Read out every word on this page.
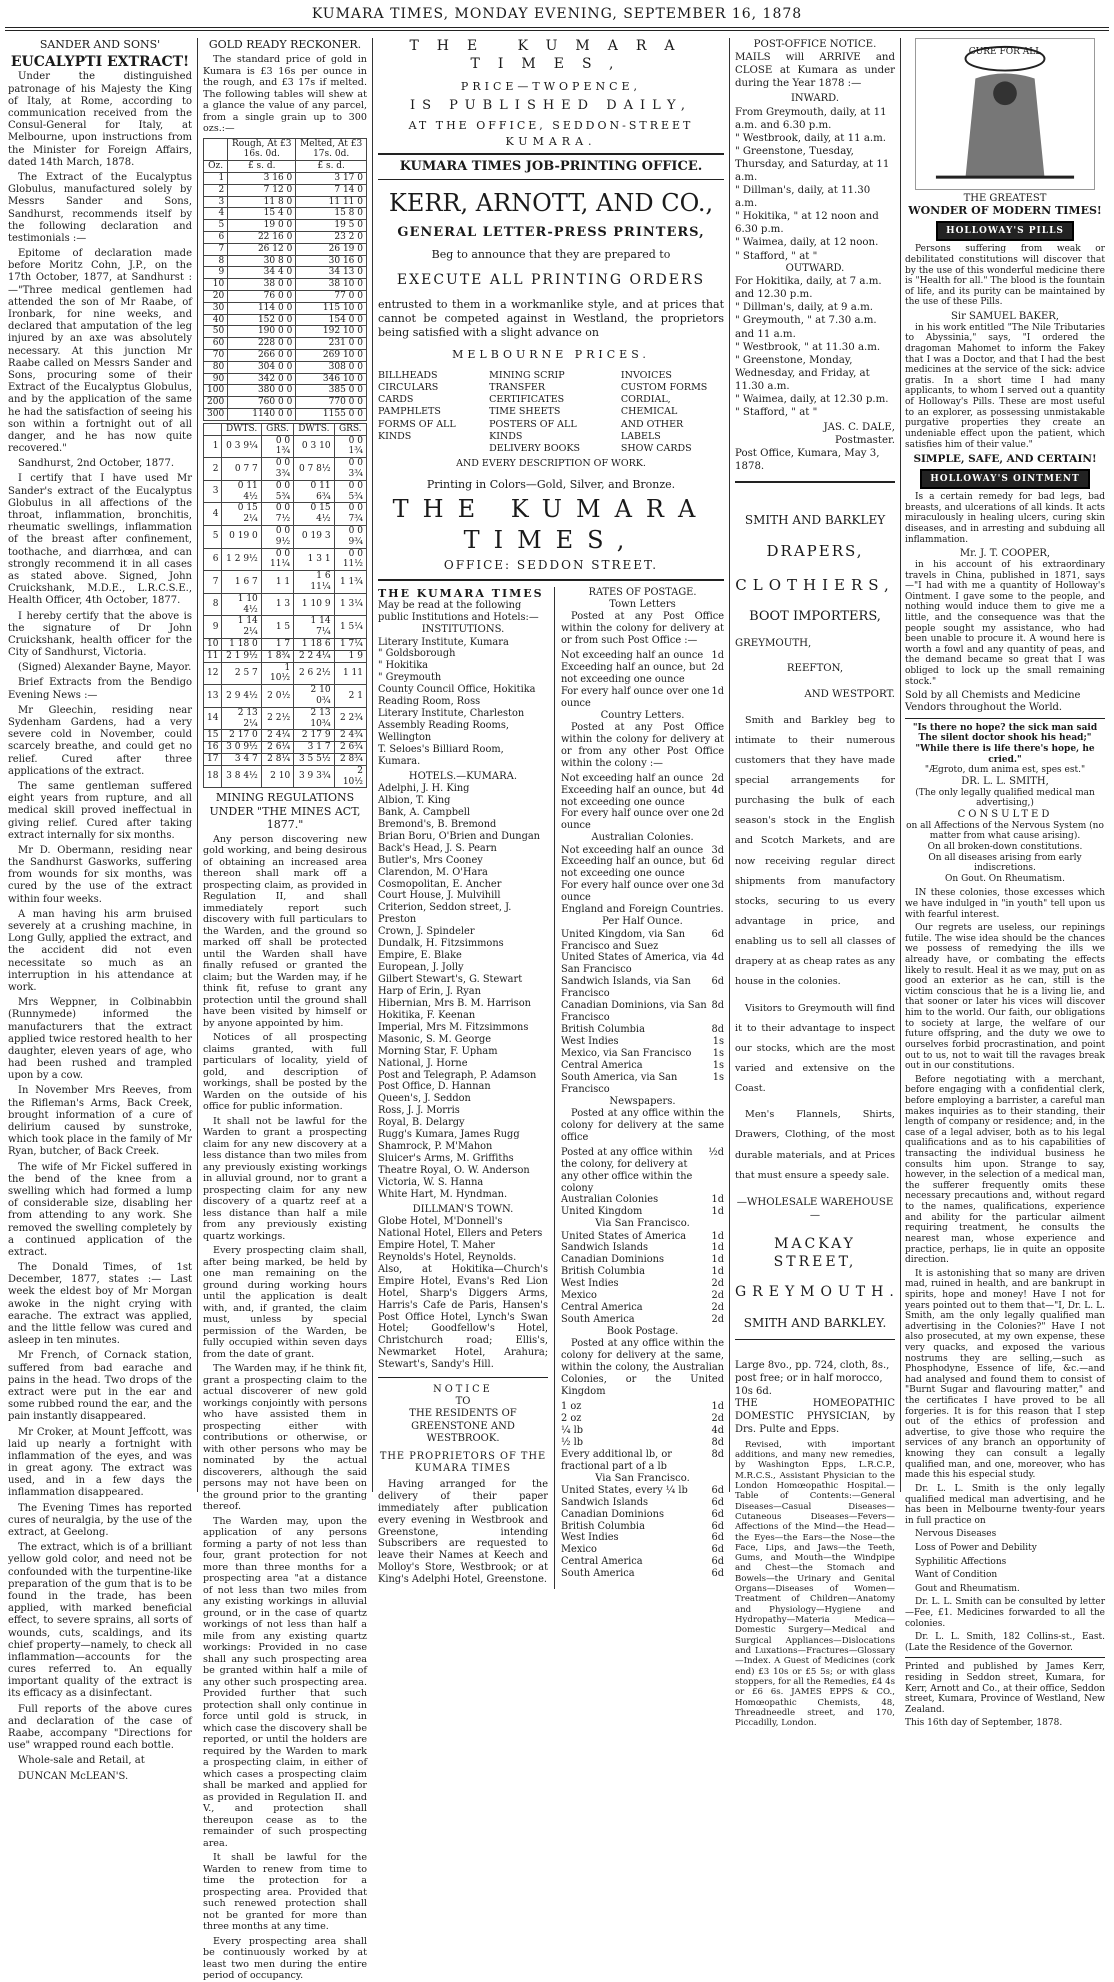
KUMARA TIMES, MONDAY EVENING, SEPTEMBER 16, 1878
SANDER AND SONS'
EUCALYPTI EXTRACT!

Under the distinguished patronage of his Majesty the King of Italy, at Rome, according to communication received from the Consul-General for Italy, at Melbourne, upon instructions from the Minister for Foreign Affairs, dated 14th March, 1878.

The Extract of the Eucalyptus Globulus, manufactured solely by Messrs Sander and Sons, Sandhurst, recommends itself by the following declaration and testimonials :—

Epitome of declaration made before Moritz Cohn, J.P., on the 17th October, 1877, at Sandhurst :—"Three medical gentlemen had attended the son of Mr Raabe, of Ironbark, for nine weeks, and declared that amputation of the leg injured by an axe was absolutely necessary. At this junction Mr Raabe called on Messrs Sander and Sons, procuring some of their Extract of the Eucalyptus Globulus, and by the application of the same he had the satisfaction of seeing his son within a fortnight out of all danger, and he has now quite recovered."

Sandhurst, 2nd October, 1877.

I certify that I have used Mr Sander's extract of the Eucalyptus Globulus in all affections of the throat, inflammation, bronchitis, rheumatic swellings, inflammation of the breast after confinement, toothache, and diarrhœa, and can strongly recommend it in all cases as stated above. Signed, John Cruickshank, M.D.E., L.R.C.S.E., Health Officer, 4th October, 1877.

I hereby certify that the above is the signature of Dr John Cruickshank, health officer for the City of Sandhurst, Victoria.

(Signed) Alexander Bayne, Mayor.

Brief Extracts from the Bendigo Evening News :—

Mr Gleechin, residing near Sydenham Gardens, had a very severe cold in November, could scarcely breathe, and could get no relief. Cured after three applications of the extract.

The same gentleman suffered eight years from rupture, and all medical skill proved ineffectual in giving relief. Cured after taking extract internally for six months.

Mr D. Obermann, residing near the Sandhurst Gasworks, suffering from wounds for six months, was cured by the use of the extract within four weeks.

A man having his arm bruised severely at a crushing machine, in Long Gully, applied the extract, and the accident did not even necessitate so much as an interruption in his attendance at work.

Mrs Weppner, in Colbinabbin (Runnymede) informed the manufacturers that the extract applied twice restored health to her daughter, eleven years of age, who had been rushed and trampled upon by a cow.

In November Mrs Reeves, from the Rifleman's Arms, Back Creek, brought information of a cure of delirium caused by sunstroke, which took place in the family of Mr Ryan, butcher, of Back Creek.

The wife of Mr Fickel suffered in the bend of the knee from a swelling which had formed a lump of considerable size, disabling her from attending to any work. She removed the swelling completely by a continued application of the extract.

The Donald Times, of 1st December, 1877, states :— Last week the eldest boy of Mr Morgan awoke in the night crying with earache. The extract was applied, and the little fellow was cured and asleep in ten minutes.

Mr French, of Cornack station, suffered from bad earache and pains in the head. Two drops of the extract were put in the ear and some rubbed round the ear, and the pain instantly disappeared.

Mr Croker, at Mount Jeffcott, was laid up nearly a fortnight with inflammation of the eyes, and was in great agony. The extract was used, and in a few days the inflammation disappeared.

The Evening Times has reported cures of neuralgia, by the use of the extract, at Geelong.

The extract, which is of a brilliant yellow gold color, and need not be confounded with the turpentine-like preparation of the gum that is to be found in the trade, has been applied, with marked beneficial effect, to severe sprains, all sorts of wounds, cuts, scaldings, and its chief property—namely, to check all inflammation—accounts for the cures referred to. An equally important quality of the extract is its efficacy as a disinfectant.

Full reports of the above cures and declaration of the case of Raabe, accompany "Directions for use" wrapped round each bottle.

Whole-sale and Retail, at

DUNCAN McLEAN'S.

GOLD READY RECKONER.

The standard price of gold in Kumara is £3 16s per ounce in the rough, and £3 17s if melted. The following tables will shew at a glance the value of any parcel, from a single grain up to 300 ozs.:—

	Rough, At £3 16s. 0d.	Melted, At £3 17s. 0d.
Oz.	£ s. d.	£ s. d.
1	3 16 0	3 17 0
2	7 12 0	7 14 0
3	11 8 0	11 11 0
4	15 4 0	15 8 0
5	19 0 0	19 5 0
6	22 16 0	23 2 0
7	26 12 0	26 19 0
8	30 8 0	30 16 0
9	34 4 0	34 13 0
10	38 0 0	38 10 0
20	76 0 0	77 0 0
30	114 0 0	115 10 0
40	152 0 0	154 0 0
50	190 0 0	192 10 0
60	228 0 0	231 0 0
70	266 0 0	269 10 0
80	304 0 0	308 0 0
90	342 0 0	346 10 0
100	380 0 0	385 0 0
200	760 0 0	770 0 0
300	1140 0 0	1155 0 0
	DWTS.	GRS.	DWTS.	GRS.
1	0 3 9¼	0 0 1¾	0 3 10	0 0 1¾
2	0 7 7	0 0 3¾	0 7 8½	0 0 3¾
3	0 11 4½	0 0 5¾	0 11 6¾	0 0 5¾
4	0 15 2¼	0 0 7½	0 15 4½	0 0 7¾
5	0 19 0	0 0 9½	0 19 3	0 0 9¾
6	1 2 9½	0 0 11¼	1 3 1	0 0 11½
7	1 6 7	1 1	1 6 11¼	1 1¾
8	1 10 4½	1 3	1 10 9	1 3¼
9	1 14 2¼	1 5	1 14 7¼	1 5¼
10	1 18 0	1 7	1 18 6	1 7¼
11	2 1 9½	1 8¾	2 2 4¼	1 9
12	2 5 7	1 10½	2 6 2½	1 11
13	2 9 4½	2 0½	2 10 0¾	2 1
14	2 13 2¼	2 2½	2 13 10¾	2 2¾
15	2 17 0	2 4¼	2 17 9	2 4¾
16	3 0 9½	2 6¼	3 1 7	2 6¾
17	3 4 7	2 8¼	3 5 5½	2 8¾
18	3 8 4½	2 10	3 9 3¾	2 10½
MINING REGULATIONS UNDER "THE MINES ACT, 1877."

Any person discovering new gold working, and being desirous of obtaining an increased area thereon shall mark off a prospecting claim, as provided in Regulation II, and shall immediately report such discovery with full particulars to the Warden, and the ground so marked off shall be protected until the Warden shall have finally refused or granted the claim; but the Warden may, if he think fit, refuse to grant any protection until the ground shall have been visited by himself or by anyone appointed by him.

Notices of all prospecting claims granted, with full particulars of locality, yield of gold, and description of workings, shall be posted by the Warden on the outside of his office for public information.

It shall not be lawful for the Warden to grant a prospecting claim for any new discovery at a less distance than two miles from any previously existing workings in alluvial ground, nor to grant a prospecting claim for any new discovery of a quartz reef at a less distance than half a mile from any previously existing quartz workings.

Every prospecting claim shall, after being marked, be held by one man remaining on the ground during working hours until the application is dealt with, and, if granted, the claim must, unless by special permission of the Warden, be fully occupied within seven days from the date of grant.

The Warden may, if he think fit, grant a prospecting claim to the actual discoverer of new gold workings conjointly with persons who have assisted them in prospecting either with contributions or otherwise, or with other persons who may be nominated by the actual discoverers, although the said persons may not have been on the ground prior to the granting thereof.

The Warden may, upon the application of any persons forming a party of not less than four, grant protection for not more than three months for a prospecting area "at a distance of not less than two miles from any existing workings in alluvial ground, or in the case of quartz workings of not less than half a mile from any existing quartz workings: Provided in no case shall any such prospecting area be granted within half a mile of any other such prospecting area. Provided further that such protection shall only continue in force until gold is struck, in which case the discovery shall be reported, or until the holders are required by the Warden to mark a prospecting claim, in either of which cases a prospecting claim shall be marked and applied for as provided in Regulation II. and V., and protection shall thereupon cease as to the remainder of such prospecting area.

It shall be lawful for the Warden to renew from time to time the protection for a prospecting area. Provided that such renewed protection shall not be granted for more than three months at any time.

Every prospecting area shall be continuously worked by at least two men during the entire period of occupancy.

THE KUMARA TIMES,
PRICE—TWOPENCE,
IS PUBLISHED DAILY,
AT THE OFFICE, SEDDON-STREET
KUMARA.
KUMARA TIMES JOB-PRINTING OFFICE.
KERR, ARNOTT, AND CO.,
GENERAL LETTER-PRESS PRINTERS,
Beg to announce that they are prepared to
EXECUTE ALL PRINTING ORDERS

entrusted to them in a workmanlike style, and at prices that cannot be competed against in Westland, the proprietors being satisfied with a slight advance on

MELBOURNE PRICES.
BILLHEADS
CIRCULARS
CARDS
PAMPHLETS
FORMS OF ALL KINDS
MINING SCRIP
TRANSFER CERTIFICATES
TIME SHEETS
POSTERS OF ALL KINDS
DELIVERY BOOKS
INVOICES
CUSTOM FORMS
CORDIAL, CHEMICAL
AND OTHER LABELS
SHOW CARDS
AND EVERY DESCRIPTION OF WORK.
Printing in Colors—Gold, Silver, and Bronze.
THE KUMARA TIMES,
OFFICE: SEDDON STREET.
THE KUMARA TIMES
May be read at the following public Institutions and Hotels:—
INSTITUTIONS.
Literary Institute, Kumara
" Goldsborough
" Hokitika
" Greymouth
County Council Office, Hokitika
Reading Room, Ross
Literary Institute, Charleston
Assembly Reading Rooms, Wellington
T. Seloes's Billiard Room, Kumara.
HOTELS.—KUMARA.
Adelphi, J. H. King
Albion, T. King
Bank, A. Campbell
Bremond's, B. Bremond
Brian Boru, O'Brien and Dungan
Back's Head, J. S. Pearn
Butler's, Mrs Cooney
Clarendon, M. O'Hara
Cosmopolitan, E. Ancher
Court House, J. Mulvihill
Criterion, Seddon street, J. Preston
Crown, J. Spindeler
Dundalk, H. Fitzsimmons
Empire, E. Blake
European, J. Jolly
Gilbert Stewart's, G. Stewart
Harp of Erin, J. Ryan
Hibernian, Mrs B. M. Harrison
Hokitika, F. Keenan
Imperial, Mrs M. Fitzsimmons
Masonic, S. M. George
Morning Star, F. Upham
National, J. Horne
Post and Telegraph, P. Adamson
Post Office, D. Hannan
Queen's, J. Seddon
Ross, J. J. Morris
Royal, B. Delargy
Rugg's Kumara, James Rugg
Shamrock, P. M'Mahon
Sluicer's Arms, M. Griffiths
Theatre Royal, O. W. Anderson
Victoria, W. S. Hanna
White Hart, M. Hyndman.
DILLMAN'S TOWN.
Globe Hotel, M'Donnell's
National Hotel, Ellers and Peters
Empire Hotel, T. Maher
Reynolds's Hotel, Reynolds.

Also, at Hokitika—Church's Empire Hotel, Evans's Red Lion Hotel, Sharp's Diggers Arms, Harris's Cafe de Paris, Hansen's Post Office Hotel, Lynch's Swan Hotel; Goodfellow's Hotel, Christchurch road; Ellis's, Newmarket Hotel, Arahura; Stewart's, Sandy's Hill.

NOTICE
TO
THE RESIDENTS OF GREENSTONE AND WESTBROOK.
THE PROPRIETORS OF THE KUMARA TIMES

Having arranged for the delivery of their paper immediately after publication every evening in Westbrook and Greenstone, intending Subscribers are requested to leave their Names at Keech and Molloy's Store, Westbrook; or at King's Adelphi Hotel, Greenstone.

RATES OF POSTAGE.
Town Letters

Posted at any Post Office within the colony for delivery at or from such Post Office :—

Not exceeding half an ounce 1d
Exceeding half an ounce, but not exceeding one ounce
2d
For every half ounce over one ounce
1d
Country Letters.

Posted at any Post Office within the colony for delivery at or from any other Post Office within the colony :—

Not exceeding half an ounce 2d
Exceeding half an ounce, but not exceeding one ounce
4d
For every half ounce over one ounce
2d
Australian Colonies.
Not exceeding half an ounce 3d
Exceeding half an ounce, but not exceeding one ounce
6d
For every half ounce over one ounce
3d
England and Foreign Countries. Per Half Ounce.
United Kingdom, via San Francisco and Suez
6d
United States of America, via San Francisco
4d
Sandwich Islands, via San Francisco
6d
Canadian Dominions, via San Francisco
8d
British Columbia	8d
West Indies	1s
Mexico, via San Francisco 1s
Central America	1s
South America, via San Francisco
1s
Newspapers.

Posted at any office within the colony for delivery at the same office

Posted at any office within the colony, for delivery at any other office within the colony
½d
Australian Colonies	1d
United Kingdom	1d
Via San Francisco.
United States of America	1d
Sandwich Islands	1d
Canadian Dominions	1d
British Columbia	1d
West Indies	2d
Mexico	2d
Central America	2d
South America	2d
Book Postage.

Posted at any office within the colony for delivery at the same, within the colony, the Australian Colonies, or the United Kingdom

1 oz	1d
2 oz	2d
¼ lb	4d
½ lb	8d
Every additional lb, or fractional part of a lb
8d
Via San Francisco.
United States, every ¼ lb 6d
Sandwich Islands	6d
Canadian Dominions	6d
British Columbia	6d
West Indies	6d
Mexico	6d
Central America	6d
South America	6d
POST-OFFICE NOTICE.

MAILS will ARRIVE and CLOSE at Kumara as under during the Year 1878 :—

INWARD.
From Greymouth, daily, at 11 a.m. and 6.30 p.m.
" Westbrook, daily, at 11 a.m.
" Greenstone, Tuesday, Thursday, and Saturday, at 11 a.m.
" Dillman's, daily, at 11.30 a.m.
" Hokitika, " at 12 noon and 6.30 p.m.
" Waimea, daily, at 12 noon.
" Stafford, " at "
OUTWARD.
For Hokitika, daily, at 7 a.m. and 12.30 p.m.
" Dillman's, daily, at 9 a.m.
" Greymouth, " at 7.30 a.m. and 11 a.m.
" Westbrook, " at 11.30 a.m.
" Greenstone, Monday, Wednesday, and Friday, at 11.30 a.m.
" Waimea, daily, at 12.30 p.m.
" Stafford, " at "
JAS. C. DALE,
Postmaster.
Post Office, Kumara, May 3, 1878.
SMITH AND BARKLEY
DRAPERS,
CLOTHIERS,
BOOT IMPORTERS,
GREYMOUTH,
REEFTON,
AND WESTPORT.

Smith and Barkley beg to intimate to their numerous customers that they have made special arrangements for purchasing the bulk of each season's stock in the English and Scotch Markets, and are now receiving regular direct shipments from manufactory stocks, securing to us every advantage in price, and enabling us to sell all classes of drapery at as cheap rates as any house in the colonies.

Visitors to Greymouth will find it to their advantage to inspect our stocks, which are the most varied and extensive on the Coast.

Men's Flannels, Shirts, Drawers, Clothing, of the most durable materials, and at Prices that must ensure a speedy sale.

—WHOLESALE WAREHOUSE—
MACKAY STREET,
GREYMOUTH.
SMITH AND BARKLEY.
Large 8vo., pp. 724, cloth, 8s., post free; or in half morocco, 10s 6d.

THE HOMEOPATHIC DOMESTIC PHYSICIAN, by Drs. Pulte and Epps.

Revised, with important additions, and many new remedies, by Washington Epps, L.R.C.P., M.R.C.S., Assistant Physician to the London Homœopathic Hospital.—Table of Contents:—General Diseases—Casual Diseases—Cutaneous Diseases—Fevers—Affections of the Mind—the Head—the Eyes—the Ears—the Nose—the Face, Lips, and Jaws—the Teeth, Gums, and Mouth—the Windpipe and Chest—the Stomach and Bowels—the Urinary and Genital Organs—Diseases of Women—Treatment of Children—Anatomy and Physiology—Hygiene and Hydropathy—Materia Medica—Domestic Surgery—Medical and Surgical Appliances—Dislocations and Luxations—Fractures—Glossary—Index. A Guest of Medicines (cork end) £3 10s or £5 5s; or with glass stoppers, for all the Remedies, £4 4s or £6 6s. JAMES EPPS & CO., Homœopathic Chemists, 48, Threadneedle street, and 170, Piccadilly, London.

CURE FOR ALL
THE GREATEST
WONDER OF MODERN TIMES!
HOLLOWAY'S PILLS

Persons suffering from weak or debilitated constitutions will discover that by the use of this wonderful medicine there is "Health for all." The blood is the fountain of life, and its purity can be maintained by the use of these Pills.

Sir SAMUEL BAKER,

in his work entitled "The Nile Tributaries to Abyssinia," says, "I ordered the dragoman Mahomet to inform the Fakey that I was a Doctor, and that I had the best medicines at the service of the sick: advice gratis. In a short time I had many applicants, to whom I served out a quantity of Holloway's Pills. These are most useful to an explorer, as possessing unmistakable purgative properties they create an undeniable effect upon the patient, which satisfies him of their value."

SIMPLE, SAFE, AND CERTAIN!
HOLLOWAY'S OINTMENT

Is a certain remedy for bad legs, bad breasts, and ulcerations of all kinds. It acts miraculously in healing ulcers, curing skin diseases, and in arresting and subduing all inflammation.

Mr. J. T. COOPER,

in his account of his extraordinary travels in China, published in 1871, says—"I had with me a quantity of Holloway's Ointment. I gave some to the people, and nothing would induce them to give me a little, and the consequence was that the people sought my assistance, who had been unable to procure it. A wound here is worth a fowl and any quantity of peas, and the demand became so great that I was obliged to lock up the small remaining stock."

Sold by all Chemists and Medicine Vendors throughout the World.
"Is there no hope? the sick man said The silent doctor shook his head;" "While there is life there's hope, he cried."
"Ægroto, dum anima est, spes est."
DR. L. L. SMITH,
(The only legally qualified medical man advertising,)
CONSULTED
on all Affections of the Nervous System (no matter from what cause arising).
On all broken-down constitutions.
On all diseases arising from early indiscretions.
On Gout. On Rheumatism.

IN these colonies, those excesses which we have indulged in "in youth" tell upon us with fearful interest.

Our regrets are useless, our repinings futile. The wise idea should be the chances we possess of remedying the ills we already have, or combating the effects likely to result. Heal it as we may, put on as good an exterior as he can, still is the victim conscious that he is a living lie, and that sooner or later his vices will discover him to the world. Our faith, our obligations to society at large, the welfare of our future offspring, and the duty we owe to ourselves forbid procrastination, and point out to us, not to wait till the ravages break out in our constitutions.

Before negotiating with a merchant, before engaging with a confidential clerk, before employing a barrister, a careful man makes inquiries as to their standing, their length of company or residence; and, in the case of a legal adviser, both as to his legal qualifications and as to his capabilities of transacting the individual business he consults him upon. Strange to say, however, in the selection of a medical man, the sufferer frequently omits these necessary precautions and, without regard to the names, qualifications, experience and ability for the particular ailment requiring treatment, he consults the nearest man, whose experience and practice, perhaps, lie in quite an opposite direction.

It is astonishing that so many are driven mad, ruined in health, and are bankrupt in spirits, hope and money! Have I not for years pointed out to them that—"I, Dr. L. L. Smith, am the only legally qualified man advertising in the Colonies?" Have I not also prosecuted, at my own expense, these very quacks, and exposed the various nostrums they are selling,—such as Phosphodyne, Essence of life, &c.—and had analysed and found them to consist of "Burnt Sugar and flavouring matter," and the certificates I have proved to be all forgeries. It is for this reason that I step out of the ethics of profession and advertise, to give those who require the services of any branch an opportunity of knowing they can consult a legally qualified man, and one, moreover, who has made this his especial study.

Dr. L. L. Smith is the only legally qualified medical man advertising, and he has been in Melbourne twenty-four years in full practice on

Nervous Diseases

Loss of Power and Debility

Syphilitic Affections

Want of Condition

Gout and Rheumatism.

Dr. L. L. Smith can be consulted by letter—Fee, £1. Medicines forwarded to all the colonies.

Dr. L. L. Smith, 182 Collins-st., East. (Late the Residence of the Governor.

Printed and published by James Kerr, residing in Seddon street, Kumara, for Kerr, Arnott and Co., at their office, Seddon street, Kumara, Province of Westland, New Zealand.

This 16th day of September, 1878.
